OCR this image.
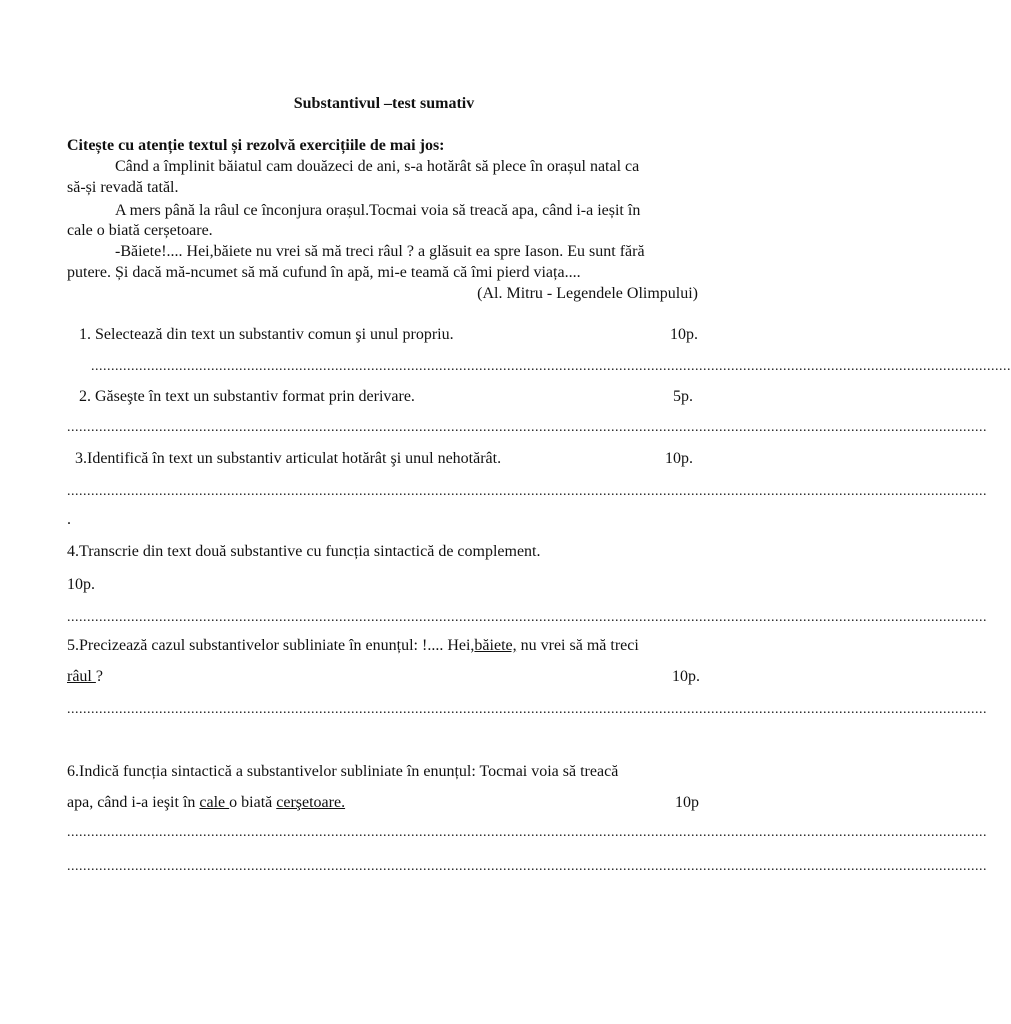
Substantivul –test sumativ
Citește cu atenție textul și rezolvă exercițiile de mai jos:
Când a împlinit băiatul cam douăzeci de ani, s-a hotărât să plece în orașul natal ca
să-și revadă tatăl.
A mers până la râul ce înconjura orașul.Tocmai voia să treacă apa, când i-a ieșit în
cale o biată cerșetoare.
-Băiete!.... Hei,băiete nu vrei să mă treci râul ? a glăsuit ea spre Iason. Eu sunt fără
putere. Și dacă mă-ncumet să mă cufund în apă, mi-e teamă că îmi pierd viața....
(Al. Mitru - Legendele Olimpului)
1. Selectează din text un substantiv comun şi unul propriu.	10p.
......................................................................................................................................................................................................................................
2. Găseşte în text un substantiv format prin derivare.	5p.
......................................................................................................................................................................................................................................
3.Identifică în text un substantiv articulat hotărât şi unul nehotărât.	10p.
......................................................................................................................................................................................................................................
.
4.Transcrie din text două substantive cu funcția sintactică de complement.
10p.
......................................................................................................................................................................................................................................
5.Precizează cazul substantivelor subliniate în enunțul: !.... Hei,băiete, nu vrei să mă treci
râul ?	10p.
......................................................................................................................................................................................................................................
6.Indică funcția sintactică a substantivelor subliniate în enunțul: Tocmai voia să treacă
apa, când i-a ieşit în cale o biată cerşetoare.	10p
......................................................................................................................................................................................................................................
......................................................................................................................................................................................................................................
